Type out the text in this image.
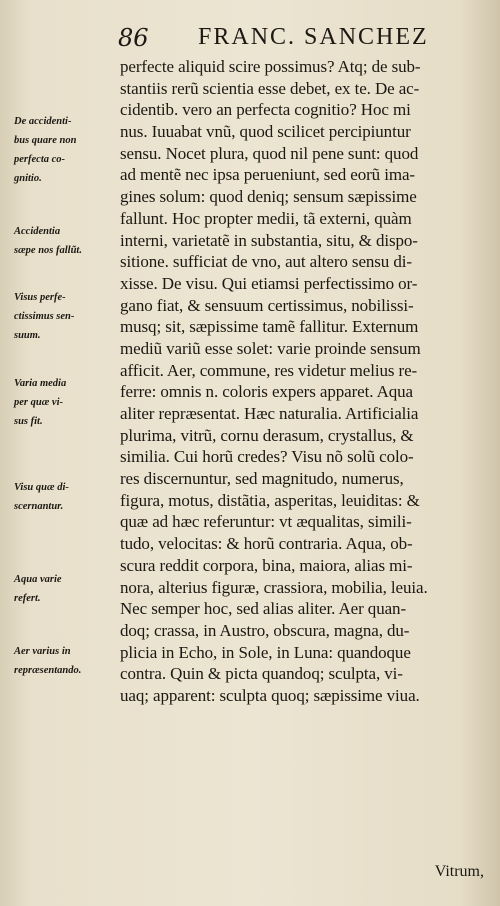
86 FRANC. SANCHEZ
De accidenti-
bus quare non
perfecta co-
gnitio.
Accidentia
sæpe nos fallũt.
Visus perfe-
ctissimus sen-
suum.
Varia media
per quæ vi-
sus fit.
Visu quæ di-
scernantur.
Aqua varie
refert.
Aer varius in
repræsentando.
perfecte aliquid scire possimus? Atq; de sub-
stantiis rerũ scientia esse debet, ex te. De ac-
cidentib. vero an perfecta cognitio? Hoc mi
nus. Iuuabat vnũ, quod scilicet percipiuntur
sensu. Nocet plura, quod nil pene sunt: quod
ad mentẽ nec ipsa perueniunt, sed eorũ ima-
gines solum: quod deniq; sensum sæpissime
fallunt. Hoc propter medii, tã externi, quàm
interni, varietatẽ in substantia, situ, & dispo-
sitione. sufficiat de vno, aut altero sensu di-
xisse. De visu. Qui etiamsi perfectissimo or-
gano fiat, & sensuum certissimus, nobilissi-
musq; sit, sæpissime tamẽ fallitur. Externum
mediũ variũ esse solet: varie proinde sensum
afficit. Aer, commune, res videtur melius re-
ferre: omnis n. coloris expers apparet. Aqua
aliter repræsentat. Hæc naturalia. Artificialia
plurima, vitrũ, cornu derasum, crystallus, &
similia. Cui horũ credes? Visu nõ solũ colo-
res discernuntur, sed magnitudo, numerus,
figura, motus, distãtia, asperitas, leuiditas: &
quæ ad hæc referuntur: vt æqualitas, simili-
tudo, velocitas: & horũ contraria. Aqua, ob-
scura reddit corpora, bina, maiora, alias mi-
nora, alterius figuræ, crassiora, mobilia, leuia.
Nec semper hoc, sed alias aliter. Aer quan-
doq; crassa, in Austro, obscura, magna, du-
plicia in Echo, in Sole, in Luna: quandoque
contra. Quin & picta quandoq; sculpta, vi-
uaq; apparent: sculpta quoq; sæpissime viua.
Vitrum,
